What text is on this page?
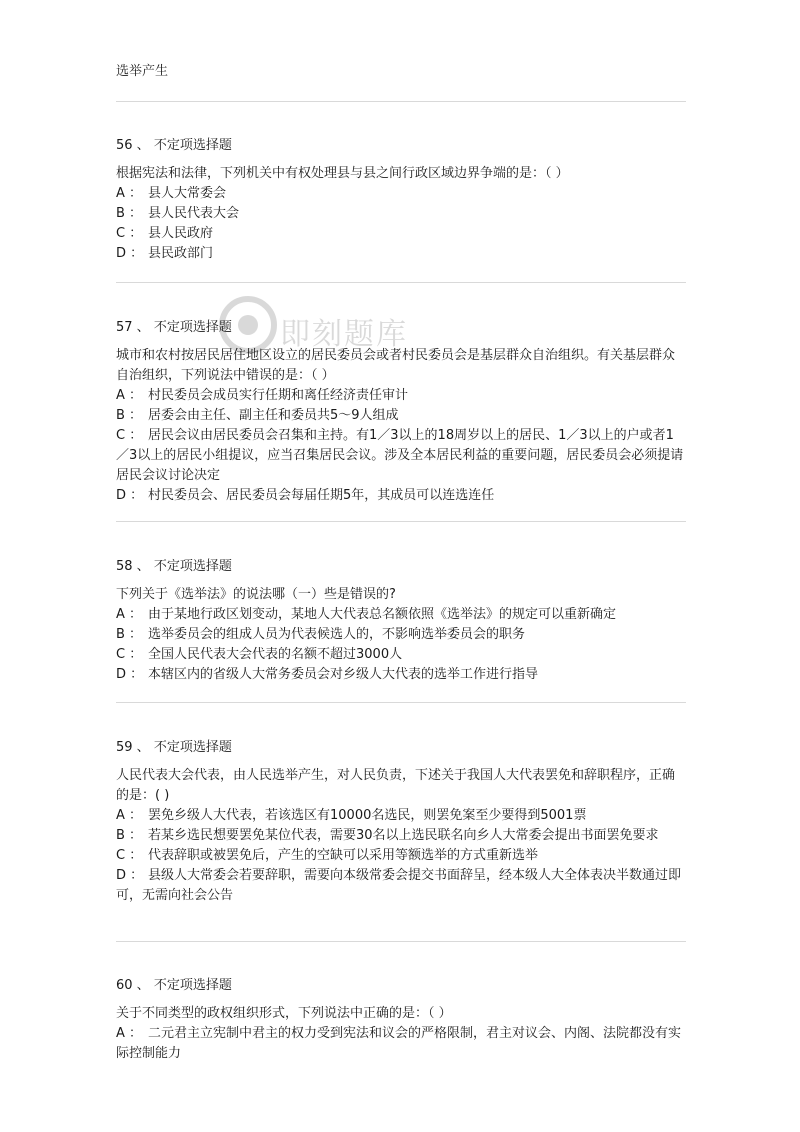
选举产生
即刻题库
56 、 不定项选择题
根据宪法和法律，下列机关中有权处理县与县之间行政区域边界争端的是：（ ）
A ： 县人大常委会
B ： 县人民代表大会
C ： 县人民政府
D ： 县民政部门
57 、 不定项选择题
城市和农村按居民居住地区设立的居民委员会或者村民委员会是基层群众自治组织。有关基层群众自治组织，下列说法中错误的是：（ ）
A ： 村民委员会成员实行任期和离任经济责任审计
B ： 居委会由主任、副主任和委员共5～9人组成
C ： 居民会议由居民委员会召集和主持。有1／3以上的18周岁以上的居民、1／3以上的户或者1／3以上的居民小组提议，应当召集居民会议。涉及全本居民利益的重要问题，居民委员会必须提请居民会议讨论决定
D ： 村民委员会、居民委员会每届任期5年，其成员可以连选连任
58 、 不定项选择题
下列关于《选举法》的说法哪（一）些是错误的?
A ： 由于某地行政区划变动，某地人大代表总名额依照《选举法》的规定可以重新确定
B ： 选举委员会的组成人员为代表候选人的，不影响选举委员会的职务
C ： 全国人民代表大会代表的名额不超过3000人
D ： 本辖区内的省级人大常务委员会对乡级人大代表的选举工作进行指导
59 、 不定项选择题
人民代表大会代表，由人民选举产生，对人民负责，下述关于我国人大代表罢免和辞职程序，正确的是：( )
A ： 罢免乡级人大代表，若该选区有10000名选民，则罢免案至少要得到5001票
B ： 若某乡选民想要罢免某位代表，需要30名以上选民联名向乡人大常委会提出书面罢免要求
C ： 代表辞职或被罢免后，产生的空缺可以采用等额选举的方式重新选举
D ： 县级人大常委会若要辞职，需要向本级常委会提交书面辞呈，经本级人大全体表决半数通过即可，无需向社会公告
60 、 不定项选择题
关于不同类型的政权组织形式，下列说法中正确的是：（ ）
A ： 二元君主立宪制中君主的权力受到宪法和议会的严格限制，君主对议会、内阁、法院都没有实际控制能力
